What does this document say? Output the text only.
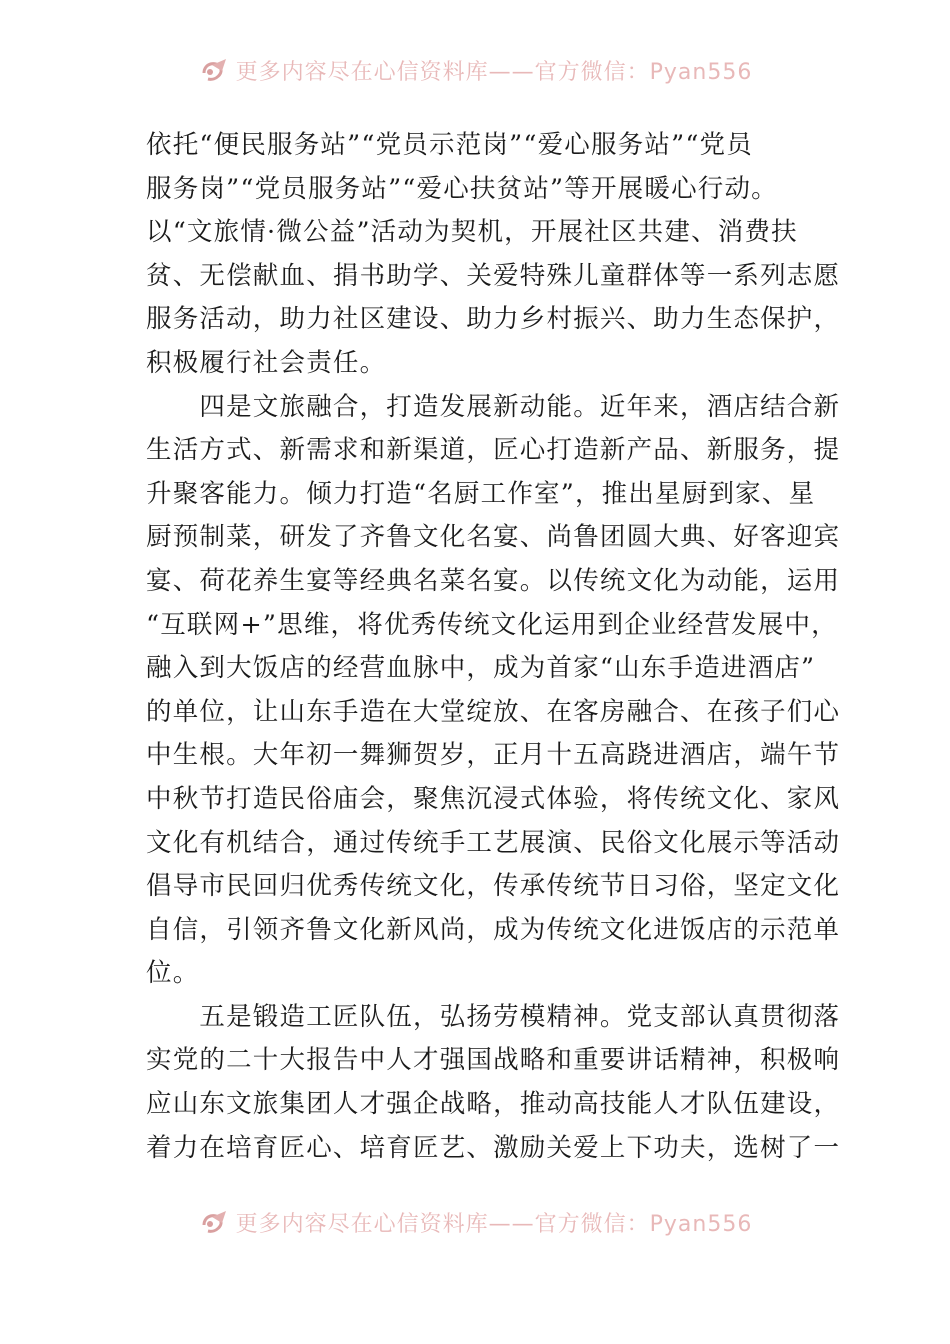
更多内容尽在心信资料库——官方微信：Pyan556
依托“便民服务站”“党员示范岗”“爱心服务站”“党员
服务岗”“党员服务站”“爱心扶贫站”等开展暖心行动。
以“文旅情·微公益”活动为契机，开展社区共建、消费扶
贫、无偿献血、捐书助学、关爱特殊儿童群体等一系列志愿
服务活动，助力社区建设、助力乡村振兴、助力生态保护，
积极履行社会责任。
　　四是文旅融合，打造发展新动能。近年来，酒店结合新
生活方式、新需求和新渠道，匠心打造新产品、新服务，提
升聚客能力。倾力打造“名厨工作室”，推出星厨到家、星
厨预制菜，研发了齐鲁文化名宴、尚鲁团圆大典、好客迎宾
宴、荷花养生宴等经典名菜名宴。以传统文化为动能，运用
“互联网+”思维，将优秀传统文化运用到企业经营发展中，
融入到大饭店的经营血脉中，成为首家“山东手造进酒店”
的单位，让山东手造在大堂绽放、在客房融合、在孩子们心
中生根。大年初一舞狮贺岁，正月十五高跷进酒店，端午节
中秋节打造民俗庙会，聚焦沉浸式体验，将传统文化、家风
文化有机结合，通过传统手工艺展演、民俗文化展示等活动
倡导市民回归优秀传统文化，传承传统节日习俗，坚定文化
自信，引领齐鲁文化新风尚，成为传统文化进饭店的示范单
位。
　　五是锻造工匠队伍，弘扬劳模精神。党支部认真贯彻落
实党的二十大报告中人才强国战略和重要讲话精神，积极响
应山东文旅集团人才强企战略，推动高技能人才队伍建设，
着力在培育匠心、培育匠艺、激励关爱上下功夫，选树了一
更多内容尽在心信资料库——官方微信：Pyan556
